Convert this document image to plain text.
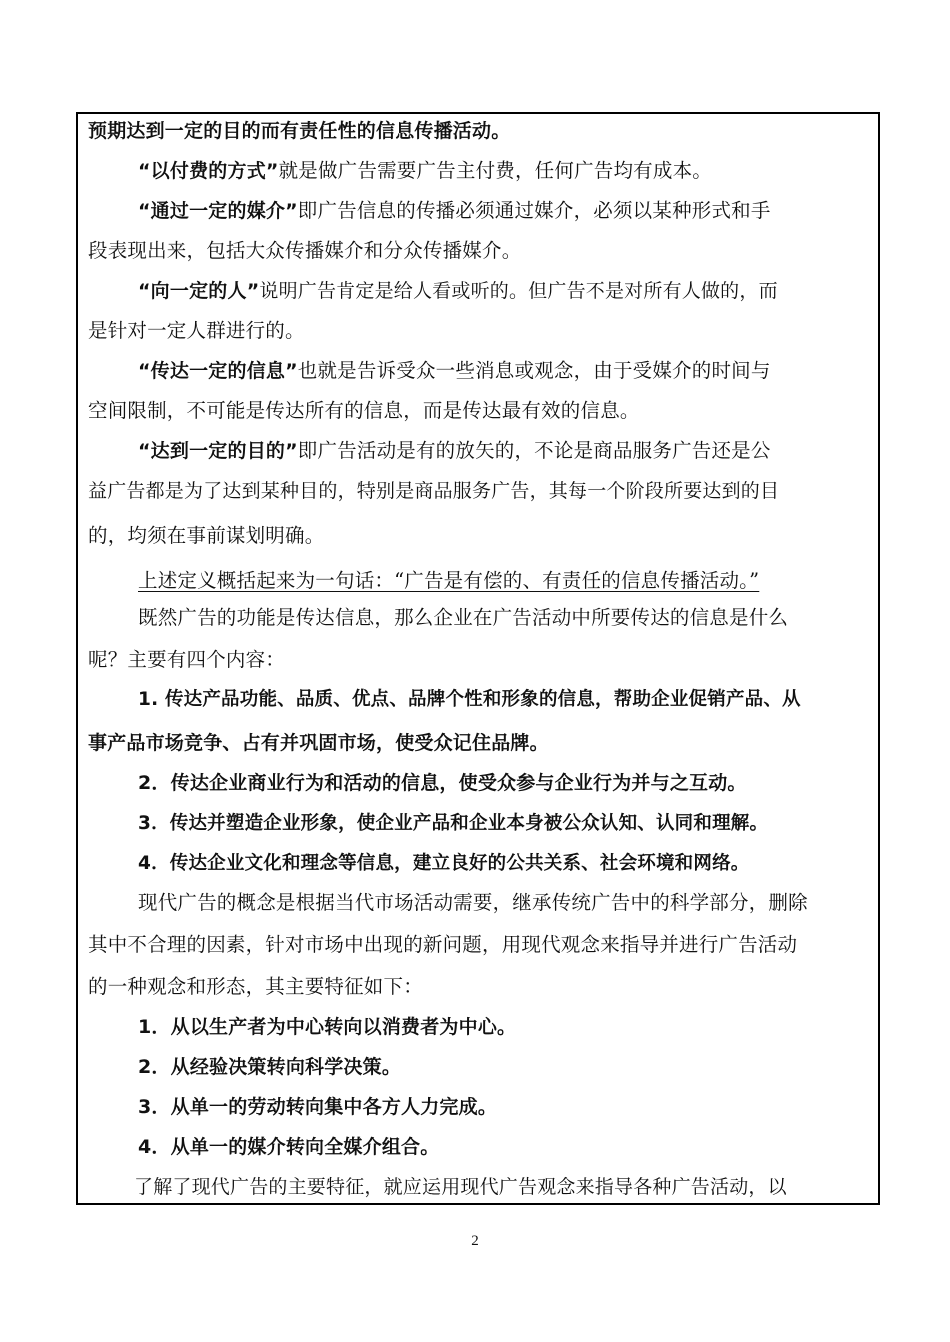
预期达到一定的目的而有责任性的信息传播活动。
“以付费的方式”就是做广告需要广告主付费，任何广告均有成本。
“通过一定的媒介”即广告信息的传播必须通过媒介，必须以某种形式和手
段表现出来，包括大众传播媒介和分众传播媒介。
“向一定的人”说明广告肯定是给人看或听的。但广告不是对所有人做的，而
是针对一定人群进行的。
“传达一定的信息”也就是告诉受众一些消息或观念，由于受媒介的时间与
空间限制，不可能是传达所有的信息，而是传达最有效的信息。
“达到一定的目的”即广告活动是有的放矢的，不论是商品服务广告还是公
益广告都是为了达到某种目的，特别是商品服务广告，其每一个阶段所要达到的目
的，均须在事前谋划明确。
上述定义概括起来为一句话：“广告是有偿的、有责任的信息传播活动。”
既然广告的功能是传达信息，那么企业在广告活动中所要传达的信息是什么
呢？主要有四个内容：
1. 传达产品功能、品质、优点、品牌个性和形象的信息，帮助企业促销产品、从
事产品市场竞争、占有并巩固市场，使受众记住品牌。
2．传达企业商业行为和活动的信息，使受众参与企业行为并与之互动。
3．传达并塑造企业形象，使企业产品和企业本身被公众认知、认同和理解。
4．传达企业文化和理念等信息，建立良好的公共关系、社会环境和网络。
现代广告的概念是根据当代市场活动需要，继承传统广告中的科学部分，删除
其中不合理的因素，针对市场中出现的新问题，用现代观念来指导并进行广告活动
的一种观念和形态，其主要特征如下：
1．从以生产者为中心转向以消费者为中心。
2．从经验决策转向科学决策。
3．从单一的劳动转向集中各方人力完成。
4．从单一的媒介转向全媒介组合。
了解了现代广告的主要特征，就应运用现代广告观念来指导各种广告活动，以
2
